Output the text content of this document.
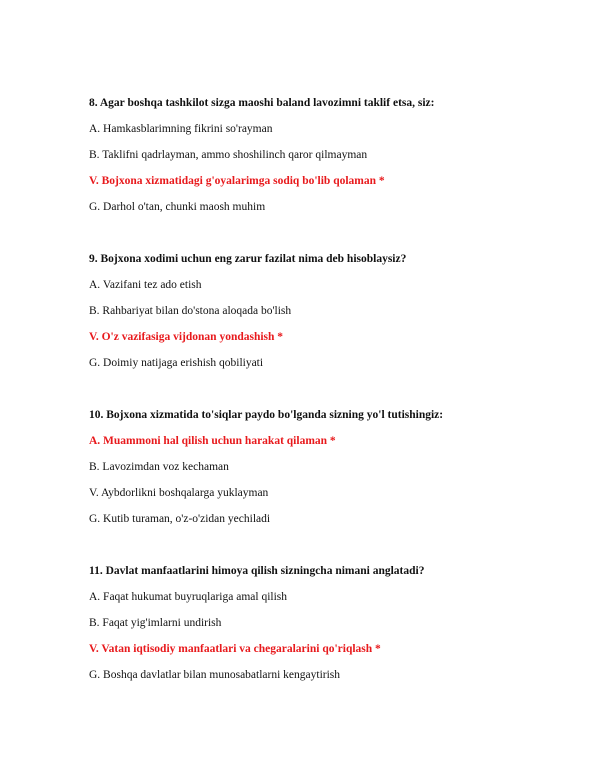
8. Agar boshqa tashkilot sizga maoshi baland lavozimni taklif etsa, siz:

A. Hamkasblarimning fikrini so'rayman

B. Taklifni qadrlayman, ammo shoshilinch qaror qilmayman

V. Bojxona xizmatidagi g'oyalarimga sodiq bo'lib qolaman *

G. Darhol o'tan, chunki maosh muhim

9. Bojxona xodimi uchun eng zarur fazilat nima deb hisoblaysiz?

A. Vazifani tez ado etish

B. Rahbariyat bilan do'stona aloqada bo'lish

V. O'z vazifasiga vijdonan yondashish *

G. Doimiy natijaga erishish qobiliyati

10. Bojxona xizmatida to'siqlar paydo bo'lganda sizning yo'l tutishingiz:

A. Muammoni hal qilish uchun harakat qilaman *

B. Lavozimdan voz kechaman

V. Aybdorlikni boshqalarga yuklayman

G. Kutib turaman, o'z-o'zidan yechiladi

11. Davlat manfaatlarini himoya qilish sizningcha nimani anglatadi?

A. Faqat hukumat buyruqlariga amal qilish

B. Faqat yig'imlarni undirish

V. Vatan iqtisodiy manfaatlari va chegaralarini qo'riqlash *

G. Boshqa davlatlar bilan munosabatlarni kengaytirish
